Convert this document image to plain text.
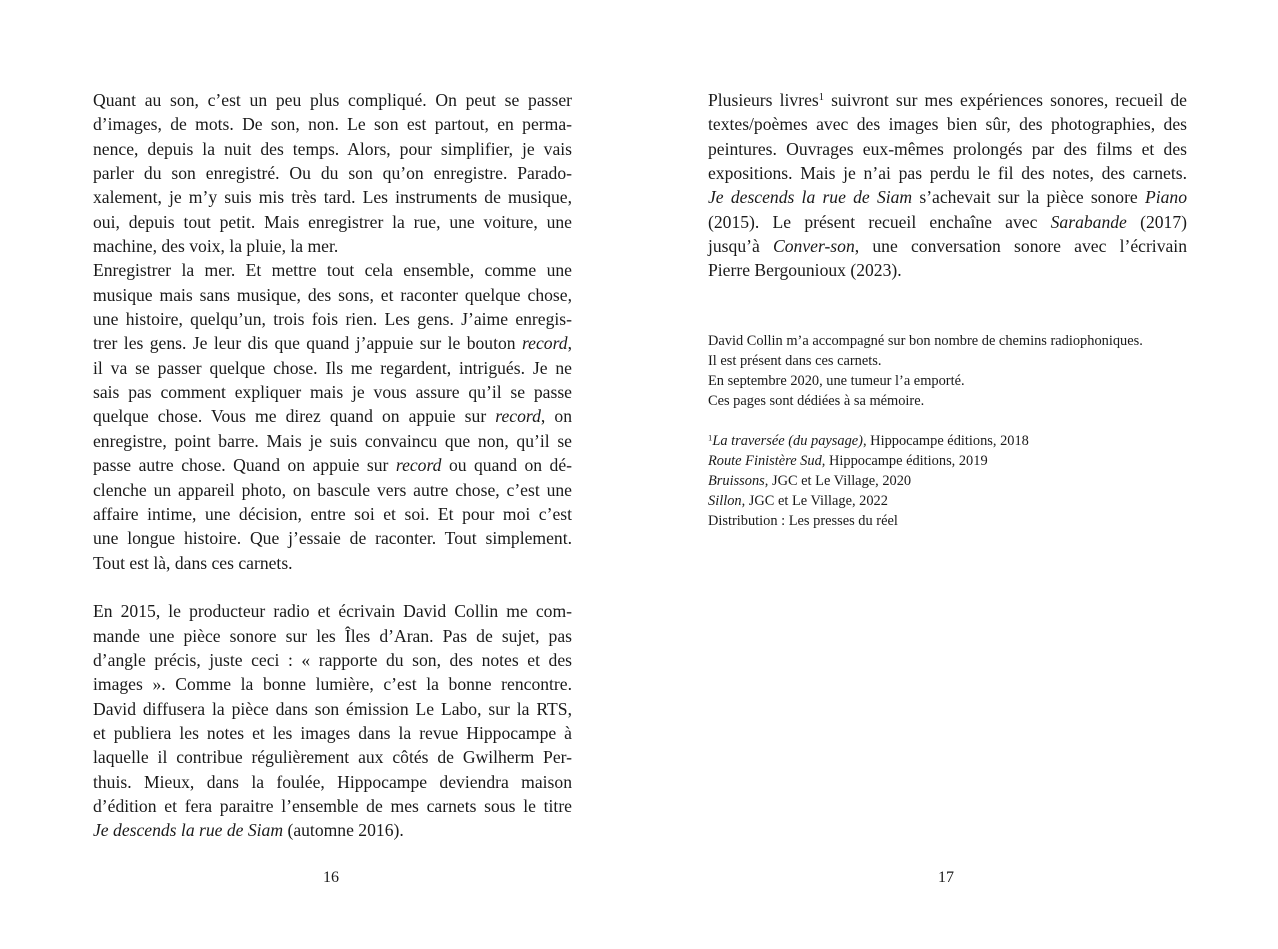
Quant au son, c’est un peu plus compliqué. On peut se passer
d’images, de mots. De son, non. Le son est partout, en perma-
nence, depuis la nuit des temps. Alors, pour simplifier, je vais
parler du son enregistré. Ou du son qu’on enregistre. Parado-
xalement, je m’y suis mis très tard. Les instruments de musique,
oui, depuis tout petit. Mais enregistrer la rue, une voiture, une
machine, des voix, la pluie, la mer.
Enregistrer la mer. Et mettre tout cela ensemble, comme une
musique mais sans musique, des sons, et raconter quelque chose,
une histoire, quelqu’un, trois fois rien. Les gens. J’aime enregis-
trer les gens. Je leur dis que quand j’appuie sur le bouton record,
il va se passer quelque chose. Ils me regardent, intrigués. Je ne
sais pas comment expliquer mais je vous assure qu’il se passe
quelque chose. Vous me direz quand on appuie sur record, on
enregistre, point barre. Mais je suis convaincu que non, qu’il se
passe autre chose. Quand on appuie sur record ou quand on dé-
clenche un appareil photo, on bascule vers autre chose, c’est une
affaire intime, une décision, entre soi et soi. Et pour moi c’est
une longue histoire. Que j’essaie de raconter. Tout simplement.
Tout est là, dans ces carnets.
En 2015, le producteur radio et écrivain David Collin me com-
mande une pièce sonore sur les Îles d’Aran. Pas de sujet, pas
d’angle précis, juste ceci : « rapporte du son, des notes et des
images ». Comme la bonne lumière, c’est la bonne rencontre.
David diffusera la pièce dans son émission Le Labo, sur la RTS,
et publiera les notes et les images dans la revue Hippocampe à
laquelle il contribue régulièrement aux côtés de Gwilherm Per-
thuis. Mieux, dans la foulée, Hippocampe deviendra maison
d’édition et fera paraitre l’ensemble de mes carnets sous le titre
Je descends la rue de Siam (automne 2016).
16
Plusieurs livres$^1$ suivront sur mes expériences sonores, recueil de
textes/poèmes avec des images bien sûr, des photographies, des
peintures. Ouvrages eux-mêmes prolongés par des films et des
expositions. Mais je n’ai pas perdu le fil des notes, des carnets.
Je descends la rue de Siam s’achevait sur la pièce sonore Piano
(2015). Le présent recueil enchaîne avec Sarabande (2017)
jusqu’à Conver-son, une conversation sonore avec l’écrivain
Pierre Bergounioux (2023).
David Collin m’a accompagné sur bon nombre de chemins radiophoniques.
Il est présent dans ces carnets.
En septembre 2020, une tumeur l’a emporté.
Ces pages sont dédiées à sa mémoire.
$^1$La traversée (du paysage), Hippocampe éditions, 2018
Route Finistère Sud, Hippocampe éditions, 2019
Bruissons, JGC et Le Village, 2020
Sillon, JGC et Le Village, 2022
Distribution : Les presses du réel
17
